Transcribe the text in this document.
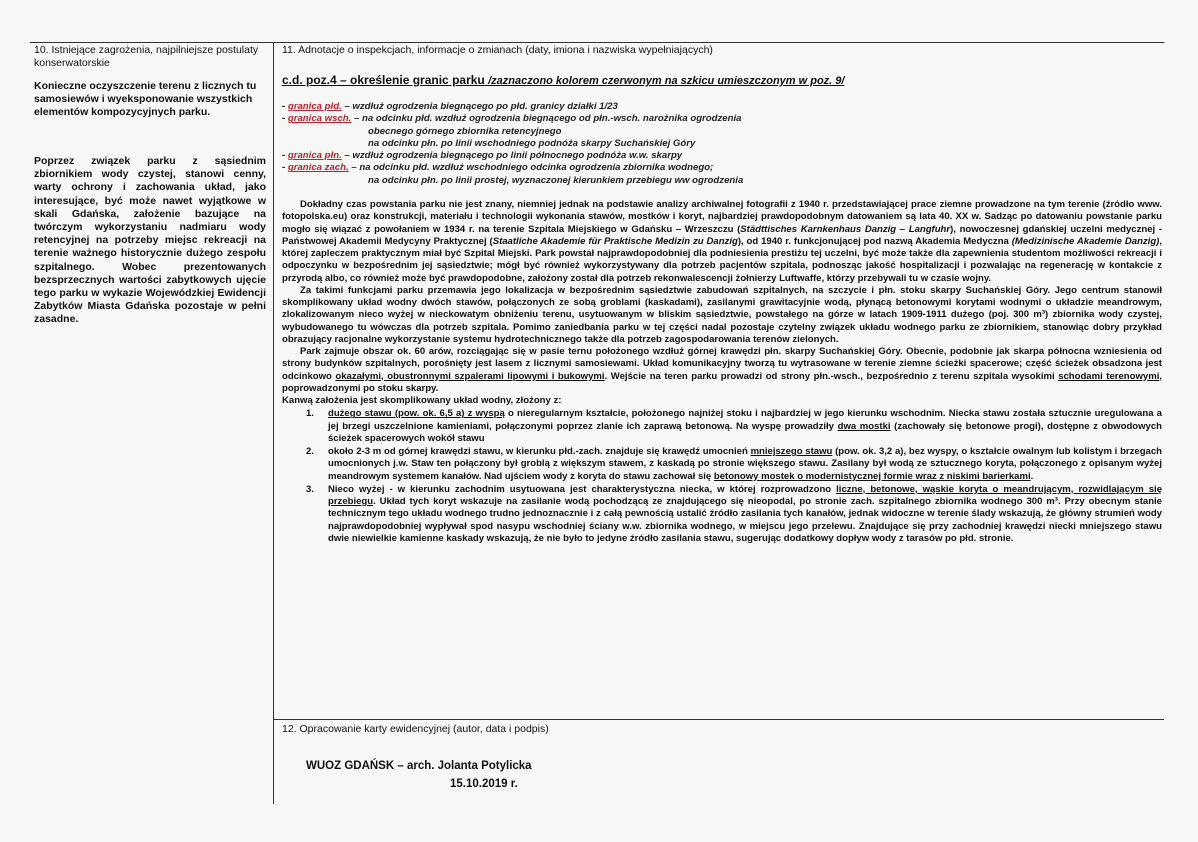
10. Istniejące zagrożenia, najpilniejsze postulaty konserwatorskie
Konieczne oczyszczenie terenu z licznych tu samosiewów i wyeksponowanie wszystkich elementów kompozycyjnych parku.
Poprzez związek parku z sąsiednim zbiornikiem wody czystej, stanowi cenny, warty ochrony i zachowania układ, jako interesujące, być może nawet wyjątkowe w skali Gdańska, założenie bazujące na twórczym wykorzystaniu nadmiaru wody retencyjnej na potrzeby miejsc rekreacji na terenie ważnego historycznie dużego zespołu szpitalnego. Wobec prezentowanych bezsprzecznych wartości zabytkowych ujęcie tego parku w wykazie Wojewódzkiej Ewidencji Zabytków Miasta Gdańska pozostaje w pełni zasadne.
11. Adnotacje o inspekcjach, informacje o zmianach (daty, imiona i nazwiska wypełniających)
c.d. poz.4 – określenie granic parku /zaznaczono kolorem czerwonym na szkicu umieszczonym w poz. 9/
- granica płd. – wzdłuż ogrodzenia biegnącego po płd. granicy działki 1/23
- granica wsch. – na odcinku płd. wzdłuż ogrodzenia biegnącego od płn.-wsch. narożnika ogrodzenia
obecnego górnego zbiornika retencyjnego
na odcinku płn. po linii wschodniego podnóża skarpy Suchańskiej Góry
- granica płn. – wzdłuż ogrodzenia biegnącego po linii północnego podnóża w.w. skarpy
- granica zach. – na odcinku płd. wzdłuż wschodniego odcinka ogrodzenia zbiornika wodnego;
na odcinku płn. po linii prostej, wyznaczonej kierunkiem przebiegu ww ogrodzenia

Dokładny czas powstania parku nie jest znany, niemniej jednak na podstawie analizy archiwalnej fotografii z 1940 r. przedstawiającej prace ziemne prowadzone na tym terenie (źródło www. fotopolska.eu) oraz konstrukcji, materiału i technologii wykonania stawów, mostków i koryt, najbardziej prawdopodobnym datowaniem są lata 40. XX w. Sadząc po datowaniu powstanie parku mogło się wiązać z powołaniem w 1934 r. na terenie Szpitala Miejskiego w Gdańsku – Wrzeszczu (Städttisches Karnkenhaus Danzig – Langfuhr), nowoczesnej gdańskiej uczelni medycznej - Państwowej Akademii Medycyny Praktycznej (Staatliche Akademie für Praktische Medizin zu Danzig), od 1940 r. funkcjonującej pod nazwą Akademia Medyczna (Medizinische Akademie Danzig), której zapleczem praktycznym miał być Szpital Miejski. Park powstał najprawdopodobniej dla podniesienia prestiżu tej uczelni, być może także dla zapewnienia studentom możliwości rekreacji i odpoczynku w bezpośrednim jej sąsiedztwie; mógł być również wykorzystywany dla potrzeb pacjentów szpitala, podnosząc jakość hospitalizacji i pozwalając na regenerację w kontakcie z przyrodą albo, co również może być prawdopodobne, założony został dla potrzeb rekonwalescencji żołnierzy Luftwaffe, którzy przebywali tu w czasie wojny.

Za takimi funkcjami parku przemawia jego lokalizacja w bezpośrednim sąsiedztwie zabudowań szpitalnych, na szczycie i płn. stoku skarpy Suchańskiej Góry. Jego centrum stanowił skomplikowany układ wodny dwóch stawów, połączonych ze sobą groblami (kaskadami), zasilanymi grawitacyjnie wodą, płynącą betonowymi korytami wodnymi o układzie meandrowym, zlokalizowanym nieco wyżej w nieckowatym obniżeniu terenu, usytuowanym w bliskim sąsiedztwie, powstałego na górze w latach 1909-1911 dużego (poj. 300 m³) zbiornika wody czystej, wybudowanego tu wówczas dla potrzeb szpitala. Pomimo zaniedbania parku w tej części nadal pozostaje czytelny związek układu wodnego parku ze zbiornikiem, stanowiąc dobry przykład obrazujący racjonalne wykorzystanie systemu hydrotechnicznego także dla potrzeb zagospodarowania terenów zielonych.

Park zajmuje obszar ok. 60 arów, rozciągając się w pasie ternu położonego wzdłuż górnej krawędzi płn. skarpy Suchańskiej Góry. Obecnie, podobnie jak skarpa północna wzniesienia od strony budynków szpitalnych, porośnięty jest lasem z licznymi samosiewami. Układ komunikacyjny tworzą tu wytrasowane w terenie ziemne ścieżki spacerowe; część ścieżek obsadzona jest odcinkowo okazałymi, obustronnymi szpalerami lipowymi i bukowymi. Wejście na teren parku prowadzi od strony płn.-wsch., bezpośrednio z terenu szpitala wysokimi schodami terenowymi, poprowadzonymi po stoku skarpy.

Kanwą założenia jest skomplikowany układ wodny, złożony z:

1. dużego stawu (pow. ok. 6,5 a) z wyspą o nieregularnym kształcie, położonego najniżej stoku i najbardziej w jego kierunku wschodnim. Niecka stawu została sztucznie uregulowana a jej brzegi uszczelnione kamieniami, połączonymi poprzez zlanie ich zaprawą betonową. Na wyspę prowadziły dwa mostki (zachowały się betonowe progi), dostępne z obwodowych ścieżek spacerowych wokół stawu
2. około 2-3 m od górnej krawędzi stawu, w kierunku płd.-zach. znajduje się krawędź umocnień mniejszego stawu (pow. ok. 3,2 a), bez wyspy, o kształcie owalnym lub kolistym i brzegach umocnionych j.w. Staw ten połączony był groblą z większym stawem, z kaskadą po stronie większego stawu. Zasilany był wodą ze sztucznego koryta, połączonego z opisanym wyżej meandrowym systemem kanałów. Nad ujściem wody z koryta do stawu zachował się betonowy mostek o modernistycznej formie wraz z niskimi barierkami.
3. Nieco wyżej - w kierunku zachodnim usytuowana jest charakterystyczna niecka, w której rozprowadzono liczne, betonowe, wąskie koryta o meandrującym, rozwidlającym się przebiegu. Układ tych koryt wskazuje na zasilanie wodą pochodzącą ze znajdującego się nieopodal, po stronie zach. szpitalnego zbiornika wodnego 300 m³. Przy obecnym stanie technicznym tego układu wodnego trudno jednoznacznie i z całą pewnością ustalić źródło zasilania tych kanałów, jednak widoczne w terenie ślady wskazują, że główny strumień wody najprawdopodobniej wypływał spod nasypu wschodniej ściany w.w. zbiornika wodnego, w miejscu jego przelewu. Znajdujące się przy zachodniej krawędzi niecki mniejszego stawu dwie niewielkie kamienne kaskady wskazują, że nie było to jedyne źródło zasilania stawu, sugerując dodatkowy dopływ wody z tarasów po płd. stronie.
12. Opracowanie karty ewidencyjnej (autor, data i podpis)
WUOZ GDAŃSK – arch. Jolanta Potylicka
15.10.2019 r.
